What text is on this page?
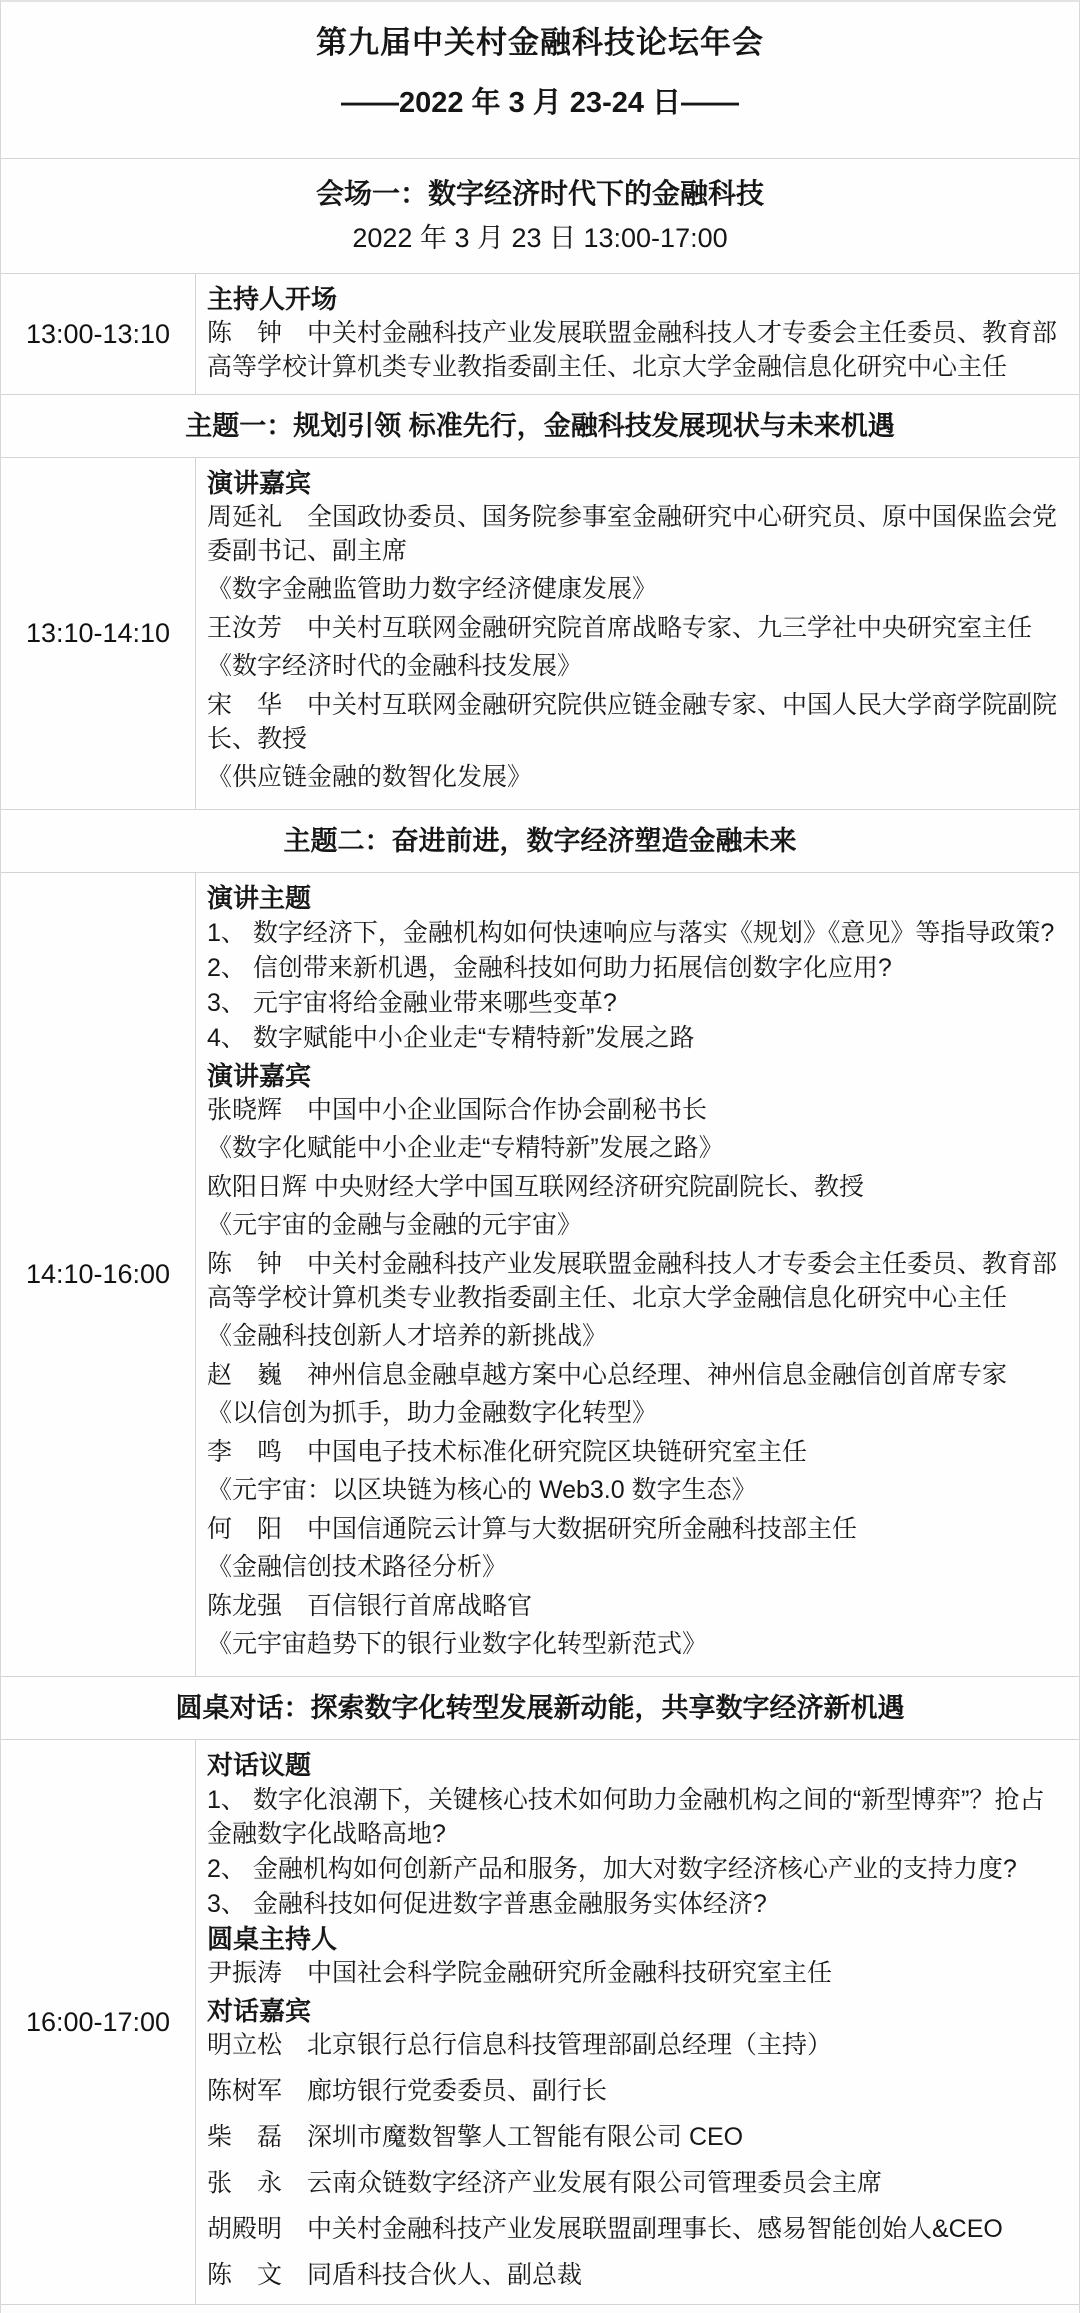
第九届中关村金融科技论坛年会
——2022 年 3 月 23-24 日——
会场一：数字经济时代下的金融科技
2022 年 3 月 23 日 13:00-17:00
13:00-13:10

主持人开场

陈　钟　中关村金融科技产业发展联盟金融科技人才专委会主任委员、教育部高等学校计算机类专业教指委副主任、北京大学金融信息化研究中心主任

主题一：规划引领 标准先行，金融科技发展现状与未来机遇
13:10-14:10

演讲嘉宾

周延礼　全国政协委员、国务院参事室金融研究中心研究员、原中国保监会党委副书记、副主席

《数字金融监管助力数字经济健康发展》

王汝芳　中关村互联网金融研究院首席战略专家、九三学社中央研究室主任

《数字经济时代的金融科技发展》

宋　华　中关村互联网金融研究院供应链金融专家、中国人民大学商学院副院长、教授

《供应链金融的数智化发展》

主题二：奋进前进，数字经济塑造金融未来
14:10-16:00

演讲主题

1、 数字经济下，金融机构如何快速响应与落实《规划》《意见》等指导政策?

2、 信创带来新机遇，金融科技如何助力拓展信创数字化应用?

3、 元宇宙将给金融业带来哪些变革?

4、 数字赋能中小企业走“专精特新”发展之路

演讲嘉宾

张晓辉　中国中小企业国际合作协会副秘书长

《数字化赋能中小企业走“专精特新”发展之路》

欧阳日辉 中央财经大学中国互联网经济研究院副院长、教授

《元宇宙的金融与金融的元宇宙》

陈　钟　中关村金融科技产业发展联盟金融科技人才专委会主任委员、教育部高等学校计算机类专业教指委副主任、北京大学金融信息化研究中心主任

《金融科技创新人才培养的新挑战》

赵　巍　神州信息金融卓越方案中心总经理、神州信息金融信创首席专家

《以信创为抓手，助力金融数字化转型》

李　鸣　中国电子技术标准化研究院区块链研究室主任

《元宇宙：以区块链为核心的 Web3.0 数字生态》

何　阳　中国信通院云计算与大数据研究所金融科技部主任

《金融信创技术路径分析》

陈龙强　百信银行首席战略官

《元宇宙趋势下的银行业数字化转型新范式》

圆桌对话：探索数字化转型发展新动能，共享数字经济新机遇
16:00-17:00

对话议题

1、 数字化浪潮下，关键核心技术如何助力金融机构之间的“新型博弈”？抢占金融数字化战略高地?

2、 金融机构如何创新产品和服务，加大对数字经济核心产业的支持力度?

3、 金融科技如何促进数字普惠金融服务实体经济?

圆桌主持人

尹振涛　中国社会科学院金融研究所金融科技研究室主任

对话嘉宾

明立松　北京银行总行信息科技管理部副总经理（主持）

陈树军　廊坊银行党委委员、副行长

柴　磊　深圳市魔数智擎人工智能有限公司 CEO

张　永　云南众链数字经济产业发展有限公司管理委员会主席

胡殿明　中关村金融科技产业发展联盟副理事长、感易智能创始人&CEO

陈　文　同盾科技合伙人、副总裁
